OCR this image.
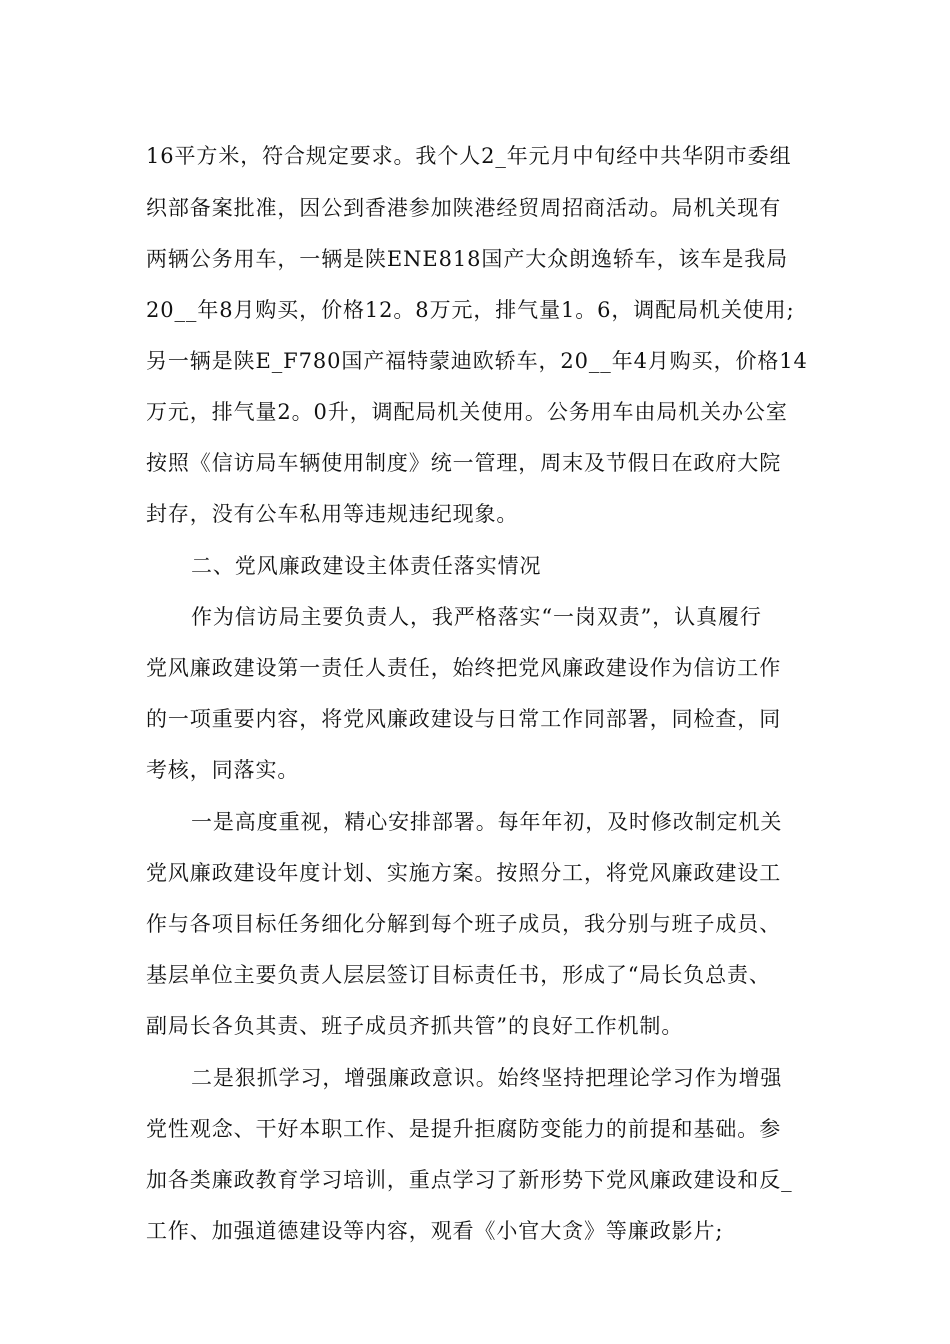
16平方米，符合规定要求。我个人2_年元月中旬经中共华阴市委组
织部备案批准，因公到香港参加陕港经贸周招商活动。局机关现有
两辆公务用车，一辆是陕ENE818国产大众朗逸轿车，该车是我局
20__年8月购买，价格12。8万元，排气量1。6，调配局机关使用;
另一辆是陕E_F780国产福特蒙迪欧轿车，20__年4月购买，价格14
万元，排气量2。0升，调配局机关使用。公务用车由局机关办公室
按照《信访局车辆使用制度》统一管理，周末及节假日在政府大院
封存，没有公车私用等违规违纪现象。
二、党风廉政建设主体责任落实情况
作为信访局主要负责人，我严格落实“一岗双责”，认真履行
党风廉政建设第一责任人责任，始终把党风廉政建设作为信访工作
的一项重要内容，将党风廉政建设与日常工作同部署，同检查，同
考核，同落实。
一是高度重视，精心安排部署。每年年初，及时修改制定机关
党风廉政建设年度计划、实施方案。按照分工，将党风廉政建设工
作与各项目标任务细化分解到每个班子成员，我分别与班子成员、
基层单位主要负责人层层签订目标责任书，形成了“局长负总责、
副局长各负其责、班子成员齐抓共管”的良好工作机制。
二是狠抓学习，增强廉政意识。始终坚持把理论学习作为增强
党性观念、干好本职工作、是提升拒腐防变能力的前提和基础。参
加各类廉政教育学习培训，重点学习了新形势下党风廉政建设和反_
工作、加强道德建设等内容，观看《小官大贪》等廉政影片;
